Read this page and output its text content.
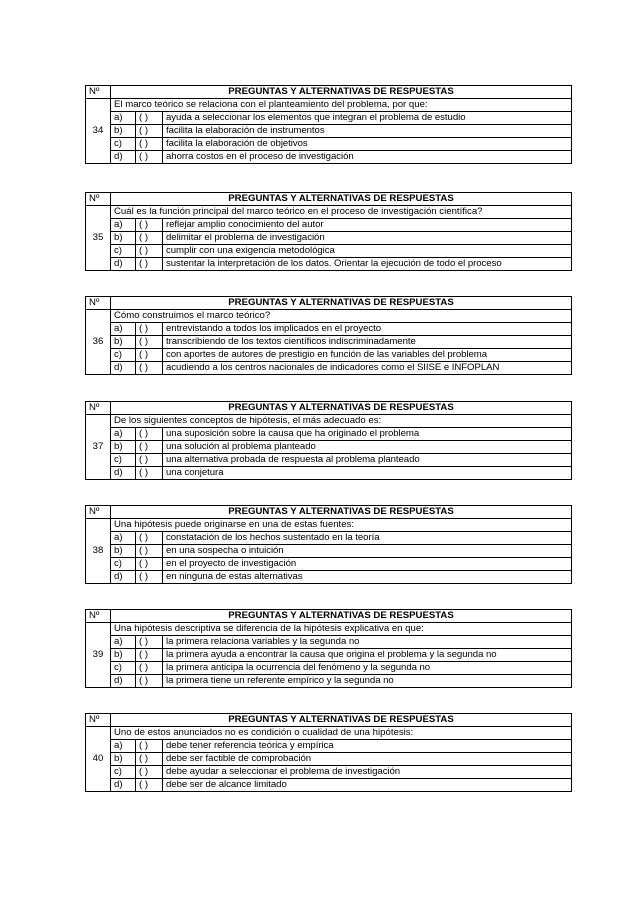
Nº	PREGUNTAS Y ALTERNATIVAS DE RESPUESTAS		
34	El marco teórico se relaciona con el planteamiento del problema, por que:		
	a)	( )	ayuda a seleccionar los elementos que integran el problema de estudio
	b)	( )	facilita la elaboración de instrumentos
	c)	( )	facilita la elaboración de objetivos
	d)	( )	ahorra costos en el proceso de investigación
Nº	PREGUNTAS Y ALTERNATIVAS DE RESPUESTAS		
35	Cuál es la función principal del marco teórico en el proceso de investigación científica?		
	a)	( )	reflejar amplio conocimiento del autor
	b)	( )	delimitar el problema de investigación
	c)	( )	cumplir con una exigencia metodológica
	d)	( )	sustentar la interpretación de los datos. Orientar la ejecución de todo el proceso
Nº	PREGUNTAS Y ALTERNATIVAS DE RESPUESTAS		
36	Cómo construimos el marco teórico?		
	a)	( )	entrevistando a todos los implicados en el proyecto
	b)	( )	transcribiendo de los textos científicos indiscriminadamente
	c)	( )	con aportes de autores de prestigio en función de las variables del problema
	d)	( )	acudiendo a los centros nacionales de indicadores como el SIISE e INFOPLAN
Nº	PREGUNTAS Y ALTERNATIVAS DE RESPUESTAS		
37	De los siguientes conceptos de hipótesis, el más adecuado es:		
	a)	( )	una suposición sobre la causa que ha originado el problema
	b)	( )	una solución al problema planteado
	c)	( )	una alternativa probada de respuesta al problema planteado
	d)	( )	una conjetura
Nº	PREGUNTAS Y ALTERNATIVAS DE RESPUESTAS		
38	Una hipótesis puede originarse en una de estas fuentes:		
	a)	( )	constatación de los hechos sustentado en la teoría
	b)	( )	en una sospecha o intuición
	c)	( )	en el proyecto de investigación
	d)	( )	en ninguna de estas alternativas
Nº	PREGUNTAS Y ALTERNATIVAS DE RESPUESTAS		
39	Una hipótesis descriptiva se diferencia de la hipótesis explicativa en que:		
	a)	( )	la primera relaciona variables y la segunda no
	b)	( )	la primera ayuda a encontrar la causa que origina el problema y la segunda no
	c)	( )	la primera anticipa la ocurrencia del fenómeno y la segunda no
	d)	( )	la primera tiene un referente empírico y la segunda no
Nº	PREGUNTAS Y ALTERNATIVAS DE RESPUESTAS		
40	Uno de estos anunciados no es condición o cualidad de una hipótesis:		
	a)	( )	debe tener referencia teórica y empírica
	b)	( )	debe ser factible de comprobación
	c)	( )	debe ayudar a seleccionar el problema de investigación
	d)	( )	debe ser de alcance limitado
